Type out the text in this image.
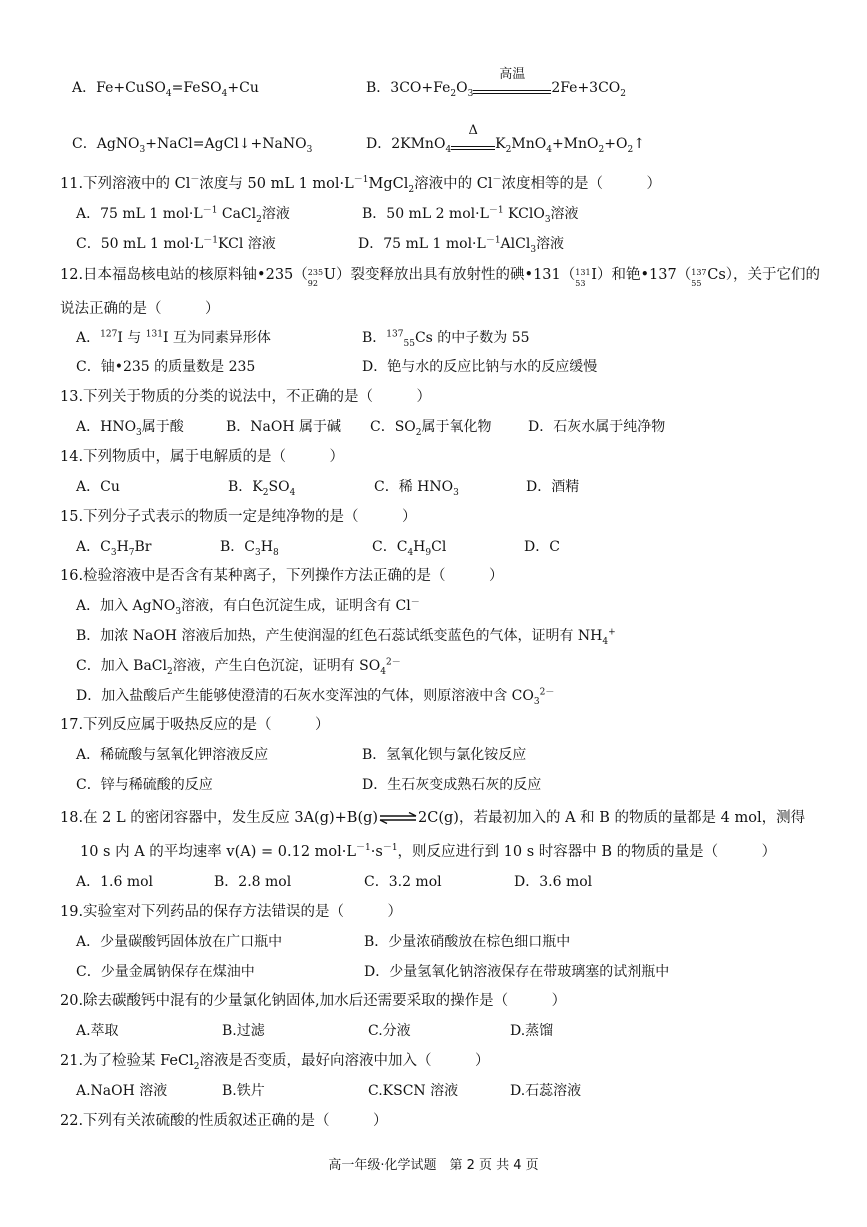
A．Fe+CuSO$_4$=FeSO$_4$+Cu	B．$3CO+Fe_2O_3$
高温
$2Fe+3CO_2$
C．AgNO$_3$+NaCl=AgCl↓+NaNO$_3$	D．2KMnO$_4$
Δ
$K_2MnO_4+MnO_2+O_2↑$
11.下列溶液中的 Cl－浓度与 50 mL 1 $mol\cdot L^{-1}MgCl_2$溶液中的 Cl－浓度相等的是（　　　）
A．75 mL 1 $mol\cdot L^{-1}$ CaCl$_2$溶液	B．50 mL 2 $mol\cdot L^{-1}$ KClO$_3$溶液
C．50 mL 1 $mol\cdot L^{-1}KCl$ 溶液	D．75 mL 1 $mol\cdot L^{-1}AlCl_3$溶液
12.日本福岛核电站的核原料铀•235（ 235
92
U）裂变释放出具有放射性的碘•131（ 131
53
I）和铯•137（ 137
55
Cs），关于它们的
说法正确的是（　　　）
A．$^{127}$I 与 $^{131}$I 互为同素异形体	B．$^{137}_{55}$Cs 的中子数为 55
C．铀•235 的质量数是 235	D．铯与水的反应比钠与水的反应缓慢
13.下列关于物质的分类的说法中，不正确的是（　　　）
A．$HNO_3$属于酸	B．NaOH 属于碱 C．$SO_2$属于氧化物	D．石灰水属于纯净物
14.下列物质中，属于电解质的是（　　　）
A．Cu	B．$K_2SO_4$	C．稀 $HNO_3$	D．酒精
15.下列分子式表示的物质一定是纯净物的是（　　　）
A．$C_3H_7Br$	B．$C_3H_8$	C．$C_4H_9Cl$	D．C
16.检验溶液中是否含有某种离子，下列操作方法正确的是（　　　）
A．加入 AgNO$_3$溶液，有白色沉淀生成，证明含有 Cl－
B．加浓 NaOH 溶液后加热，产生使润湿的红色石蕊试纸变蓝色的气体，证明有 $NH_4^+$
C．加入 BaCl$_2$溶液，产生白色沉淀，证明有 $SO_4^{2-}$
D．加入盐酸后产生能够使澄清的石灰水变浑浊的气体，则原溶液中含 $CO_3^{2-}$
17.下列反应属于吸热反应的是（　　　）
A．稀硫酸与氢氧化钾溶液反应	B．氢氧化钡与氯化铵反应
C．锌与稀硫酸的反应	D．生石灰变成熟石灰的反应
18.在 2 L 的密闭容器中，发生反应 3A(g)+B(g)⇌2C(g)，若最初加入的 A 和 B 的物质的量都是 4 mol，测得
10 s 内 A 的平均速率 v(A) = 0.12 $mol\cdot L^{-1}\cdot s^{-1}$，则反应进行到 10 s 时容器中 B 的物质的量是（　　　）
A．1.6 mol	B．2.8 mol	C．3.2 mol	D．3.6 mol
19.实验室对下列药品的保存方法错误的是（　　　）
A．少量碳酸钙固体放在广口瓶中	B．少量浓硝酸放在棕色细口瓶中
C．少量金属钠保存在煤油中	D．少量氢氧化钠溶液保存在带玻璃塞的试剂瓶中
20.除去碳酸钙中混有的少量氯化钠固体,加水后还需要采取的操作是（　　　）
A.萃取	B.过滤	C.分液	D.蒸馏
21.为了检验某 FeCl$_2$溶液是否变质，最好向溶液中加入（　　　）
A.NaOH 溶液	B.铁片	C.KSCN 溶液	D.石蕊溶液
22.下列有关浓硫酸的性质叙述正确的是（　　　）
高一年级·化学试题　第 2 页 共 4 页
